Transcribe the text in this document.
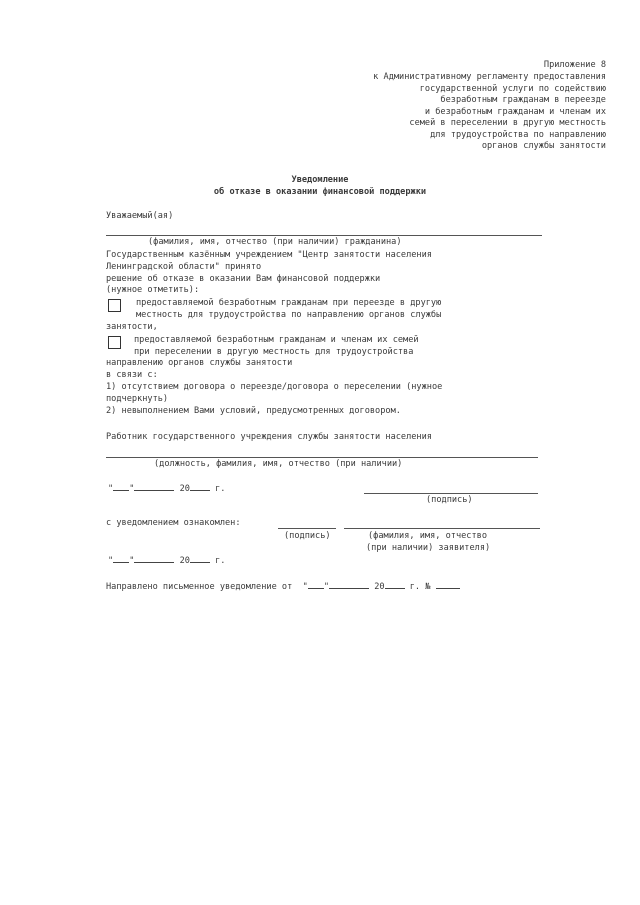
Приложение 8
к Административному регламенту предоставления
государственной услуги по содействию
безработным гражданам в переезде
и безработным гражданам и членам их
семей в переселении в другую местность
для трудоустройства по направлению
органов службы занятости
Уведомление
об отказе в оказании финансовой поддержки
Уважаемый(ая)
(фамилия, имя, отчество (при наличии) гражданина)
Государственным казённым учреждением "Центр занятости населения
Ленинградской области" принято
решение об отказе в оказании Вам финансовой поддержки
(нужное отметить):
предоставляемой безработным гражданам при переезде в другую
местность для трудоустройства по направлению органов службы
занятости,
предоставляемой безработным гражданам и членам их семей
при переселении в другую местность для трудоустройства
направлению органов службы занятости
в связи с:
1) отсутствием договора о переезде/договора о переселении (нужное
подчеркнуть)
2) невыполнением Вами условий, предусмотренных договором.
Работник государственного учреждения службы занятости населения
(должность, фамилия, имя, отчество (при наличии)
" "	20	г.
(подпись)
с уведомлением ознакомлен:
(подпись)	(фамилия, имя, отчество
(при наличии) заявителя)
" "	20	г.
Направлено письменное уведомление от " "	20	г. №
